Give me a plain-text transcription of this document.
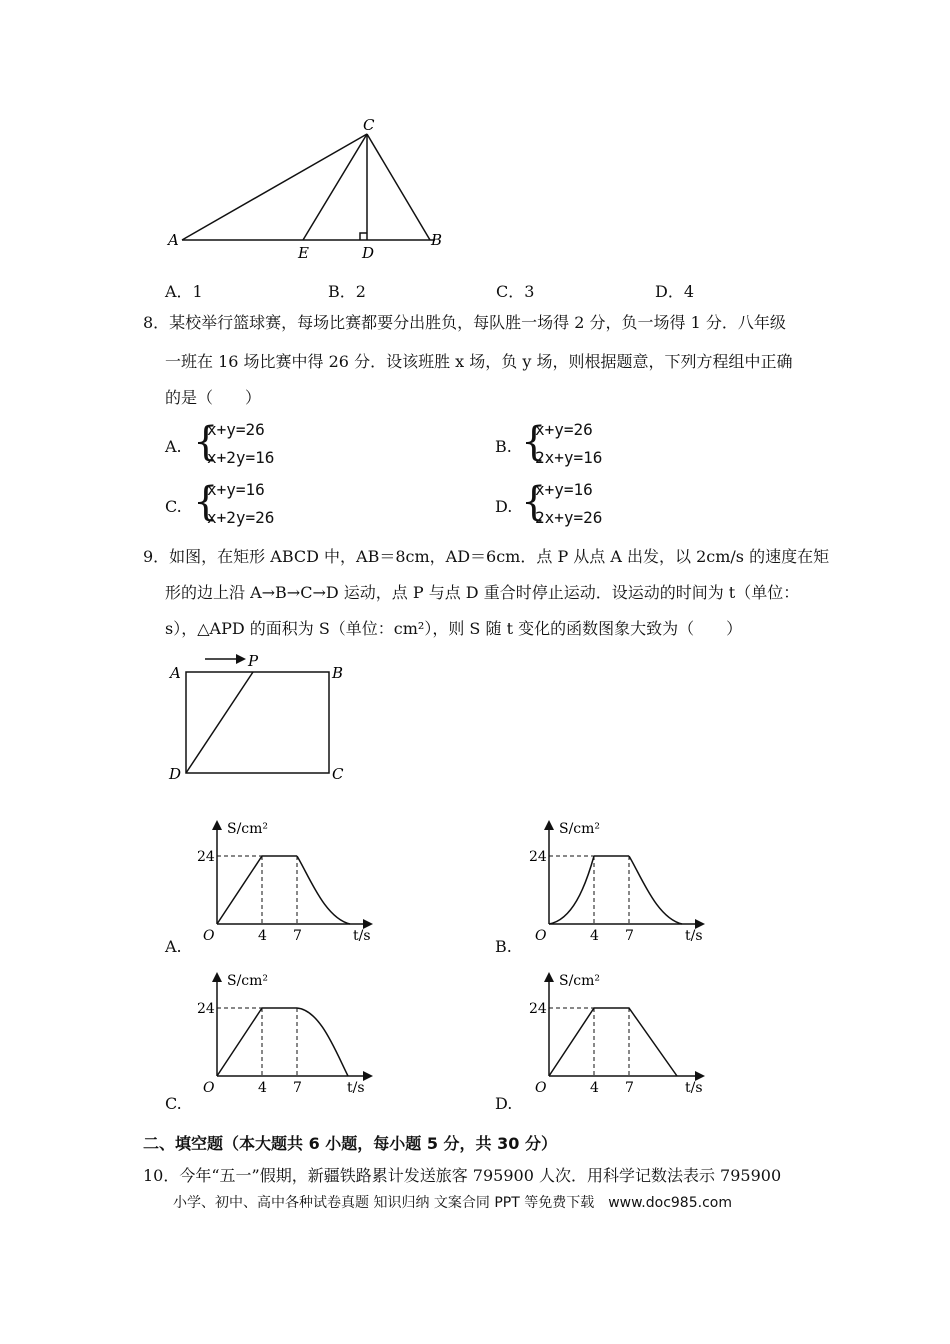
C
A
E	D
B
A．1	B．2	C．3	D．4
8．某校举行篮球赛，每场比赛都要分出胜负，每队胜一场得 2 分，负一场得 1 分．八年级
一班在 16 场比赛中得 26 分．设该班胜 x 场，负 y 场，则根据题意，下列方程组中正确
的是（　　）
A. {
x+y=26
x+2y=16
B. {
x+y=26
2x+y=16
C. {
x+y=16
x+2y=26
D. {
x+y=16
2x+y=26
9．如图，在矩形 ABCD 中，AB＝8cm，AD＝6cm．点 P 从点 A 出发，以 2cm/s 的速度在矩
形的边上沿 A→B→C→D 运动，点 P 与点 D 重合时停止运动．设运动的时间为 t（单位：
s），△APD 的面积为 S（单位：cm²），则 S 随 t 变化的函数图象大致为（　　）
A
P
B
D	C
S/cm²
24
O	4 7	t/s
A.
S/cm²
24
O	4 7	t/s
B.
S/cm²
24
O	4 7	t/s
C.
S/cm²
24
O	4 7	t/s
D.
二、填空题（本大题共 6 小题，每小题 5 分，共 30 分）
10．今年“五一”假期，新疆铁路累计发送旅客 795900 人次．用科学记数法表示 795900
小学、初中、高中各种试卷真题 知识归纳 文案合同 PPT 等免费下载　www.doc985.com
